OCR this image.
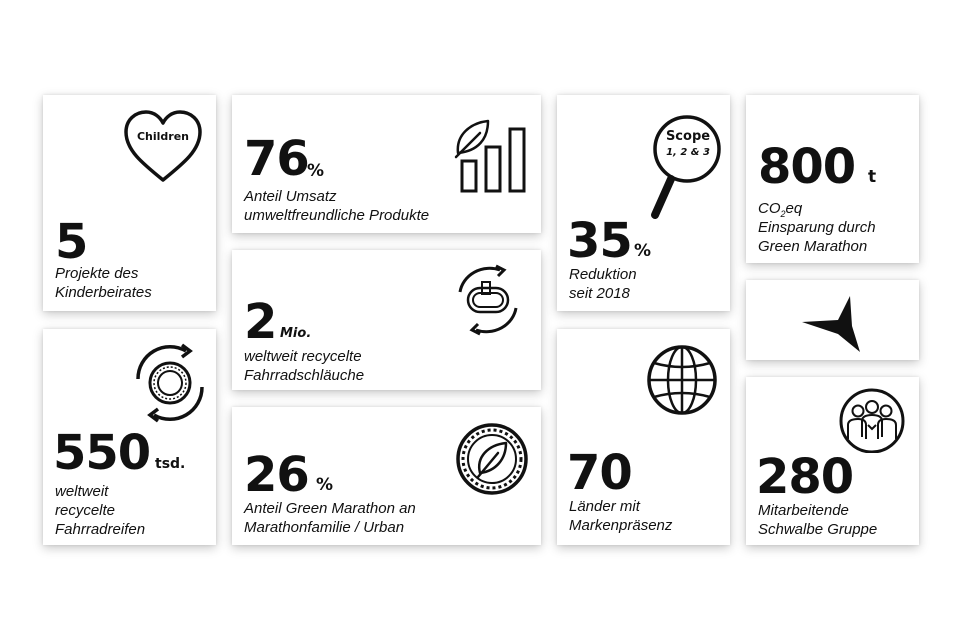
Children
5
Projekte des
Kinderbeirates
76
%
Anteil Umsatz
umweltfreundliche Produkte
Scope
1, 2 & 3
35 %
Reduktion
seit 2018
800 t
$CO_2eq$
Einsparung durch
Green Marathon
2 Mio.
weltweit recycelte
Fahrradschläuche
550 tsd.
weltweit
recycelte
Fahrradreifen
26 %
Anteil Green Marathon an
Marathonfamilie / Urban
70
Länder mit
Markenpräsenz
280
Mitarbeitende
Schwalbe Gruppe
